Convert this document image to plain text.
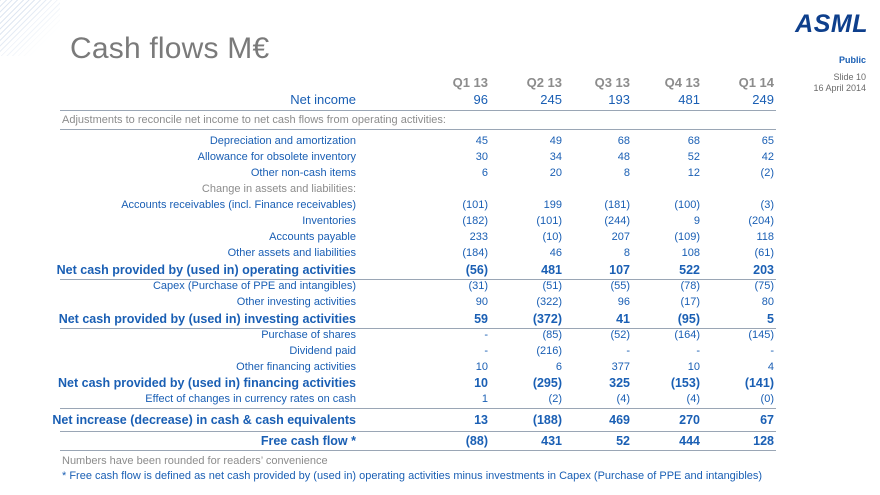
Cash flows M€
ASML
Public
Slide 10
16 April 2014
Q1 13	Q2 13	Q3 13	Q4 13	Q1 14
Net income	96	245	193	481	249
Adjustments to reconcile net income to net cash flows from operating activities:
Depreciation and amortization	45	49	68	68	65
Allowance for obsolete inventory	30	34	48	52	42
Other non-cash items	6	20	8	12	(2)
Change in assets and liabilities:
Accounts receivables (incl. Finance receivables)	(101)	199	(181)	(100)	(3)
Inventories	(182)	(101)	(244)	9	(204)
Accounts payable	233	(10)	207	(109)	118
Other assets and liabilities	(184)	46	8	108	(61)
Net cash provided by (used in) operating activities	(56)	481	107	522	203
Capex (Purchase of PPE and intangibles)	(31)	(51)	(55)	(78)	(75)
Other investing activities	90	(322)	96	(17)	80
Net cash provided by (used in) investing activities	59	(372)	41	(95)	5
Purchase of shares	-	(85)	(52)	(164)	(145)
Dividend paid	-	(216)	-	-	-
Other financing activities	10	6	377	10	4
Net cash provided by (used in) financing activities	10	(295)	325	(153)	(141)
Effect of changes in currency rates on cash	1	(2)	(4)	(4)	(0)
Net increase (decrease) in cash & cash equivalents	13	(188)	469	270	67
Free cash flow *	(88)	431	52	444	128
Numbers have been rounded for readers’ convenience
* Free cash flow is defined as net cash provided by (used in) operating activities minus investments in Capex (Purchase of PPE and intangibles)
